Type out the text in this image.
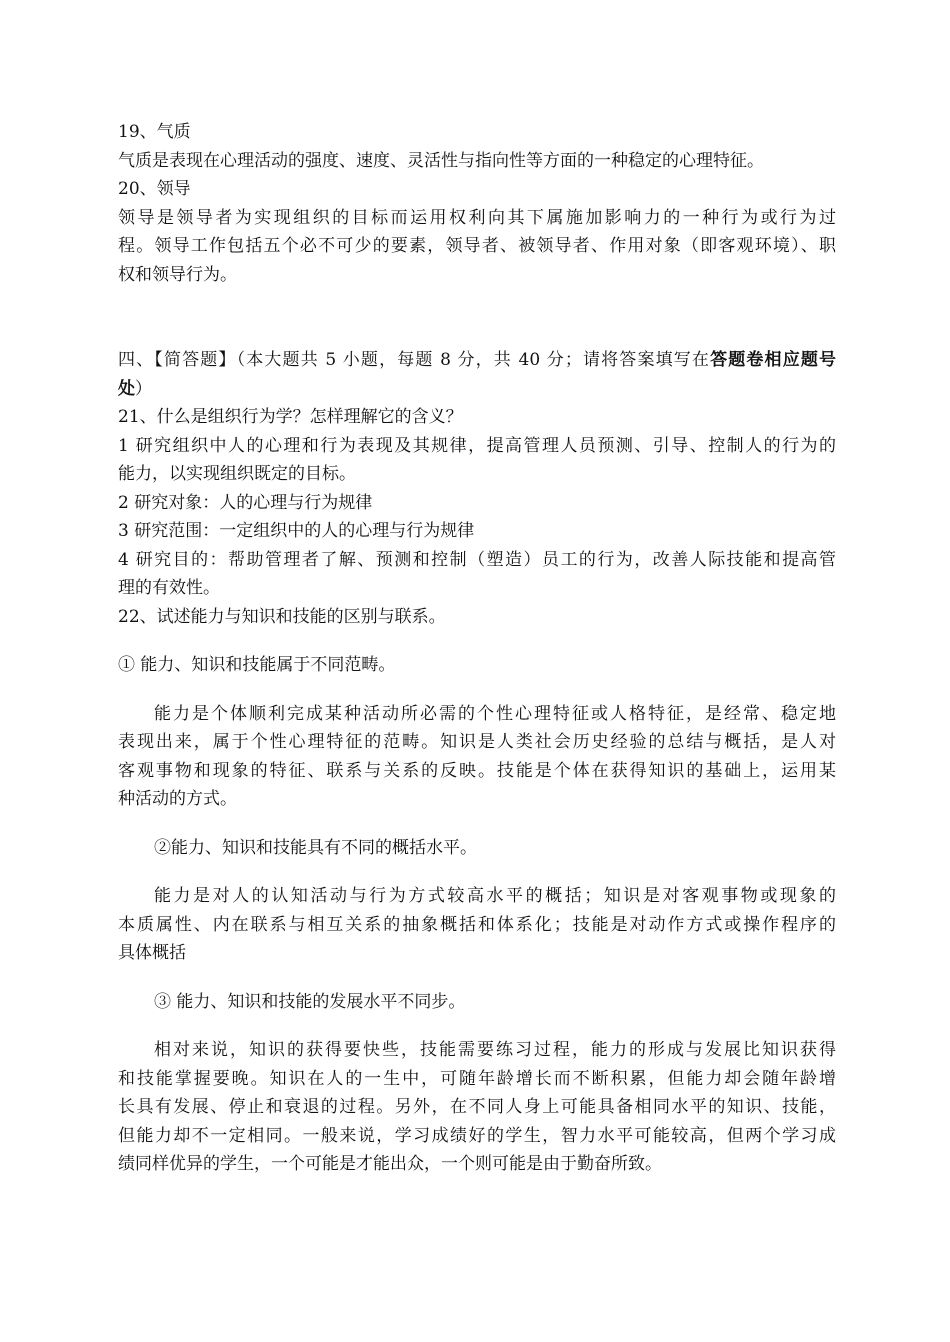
19、气质

气质是表现在心理活动的强度、速度、灵活性与指向性等方面的一种稳定的心理特征。

20、领导

领导是领导者为实现组织的目标而运用权利向其下属施加影响力的一种行为或行为过

程。领导工作包括五个必不可少的要素，领导者、被领导者、作用对象（即客观环境）、职

权和领导行为。

四、【简答题】（本大题共 5 小题，每题 8 分，共 40 分；请将答案填写在答题卷相应题号

处）

21、什么是组织行为学？怎样理解它的含义？

1 研究组织中人的心理和行为表现及其规律，提高管理人员预测、引导、控制人的行为的

能力，以实现组织既定的目标。

2 研究对象：人的心理与行为规律

3 研究范围：一定组织中的人的心理与行为规律

4 研究目的：帮助管理者了解、预测和控制（塑造）员工的行为，改善人际技能和提高管

理的有效性。

22、试述能力与知识和技能的区别与联系。

① 能力、知识和技能属于不同范畴。

能力是个体顺利完成某种活动所必需的个性心理特征或人格特征，是经常、稳定地

表现出来，属于个性心理特征的范畴。知识是人类社会历史经验的总结与概括，是人对

客观事物和现象的特征、联系与关系的反映。技能是个体在获得知识的基础上，运用某

种活动的方式。

②能力、知识和技能具有不同的概括水平。

能力是对人的认知活动与行为方式较高水平的概括；知识是对客观事物或现象的

本质属性、内在联系与相互关系的抽象概括和体系化；技能是对动作方式或操作程序的

具体概括

③ 能力、知识和技能的发展水平不同步。

相对来说，知识的获得要快些，技能需要练习过程，能力的形成与发展比知识获得

和技能掌握要晚。知识在人的一生中，可随年龄增长而不断积累，但能力却会随年龄增

长具有发展、停止和衰退的过程。另外，在不同人身上可能具备相同水平的知识、技能，

但能力却不一定相同。一般来说，学习成绩好的学生，智力水平可能较高，但两个学习成

绩同样优异的学生，一个可能是才能出众，一个则可能是由于勤奋所致。
